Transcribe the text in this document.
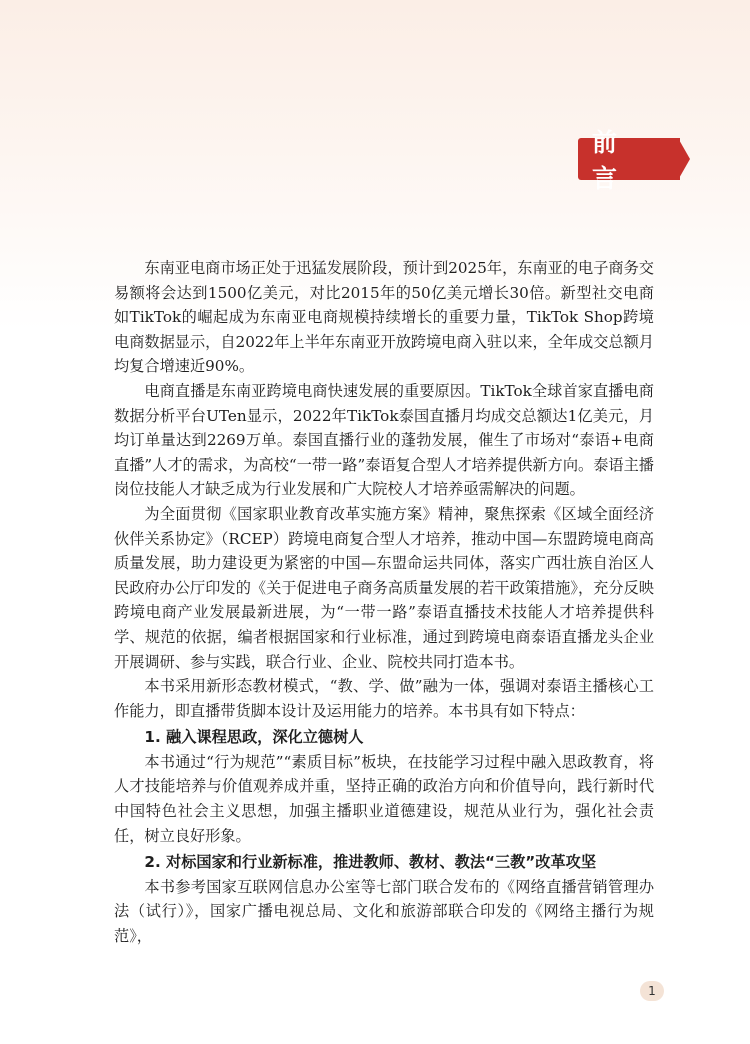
前　言

东南亚电商市场正处于迅猛发展阶段，预计到2025年，东南亚的电子商务交易额将会达到1500亿美元，对比2015年的50亿美元增长30倍。新型社交电商如TikTok的崛起成为东南亚电商规模持续增长的重要力量，TikTok Shop跨境电商数据显示，自2022年上半年东南亚开放跨境电商入驻以来，全年成交总额月均复合增速近90%。

电商直播是东南亚跨境电商快速发展的重要原因。TikTok全球首家直播电商数据分析平台UTen显示，2022年TikTok泰国直播月均成交总额达1亿美元，月均订单量达到2269万单。泰国直播行业的蓬勃发展，催生了市场对“泰语+电商直播”人才的需求，为高校“一带一路”泰语复合型人才培养提供新方向。泰语主播岗位技能人才缺乏成为行业发展和广大院校人才培养亟需解决的问题。

为全面贯彻《国家职业教育改革实施方案》精神，聚焦探索《区域全面经济伙伴关系协定》（RCEP）跨境电商复合型人才培养，推动中国—东盟跨境电商高质量发展，助力建设更为紧密的中国—东盟命运共同体，落实广西壮族自治区人民政府办公厅印发的《关于促进电子商务高质量发展的若干政策措施》，充分反映跨境电商产业发展最新进展，为“一带一路”泰语直播技术技能人才培养提供科学、规范的依据，编者根据国家和行业标准，通过到跨境电商泰语直播龙头企业开展调研、参与实践，联合行业、企业、院校共同打造本书。

本书采用新形态教材模式，“教、学、做”融为一体，强调对泰语主播核心工作能力，即直播带货脚本设计及运用能力的培养。本书具有如下特点：

1. 融入课程思政，深化立德树人

本书通过“行为规范”“素质目标”板块，在技能学习过程中融入思政教育，将人才技能培养与价值观养成并重，坚持正确的政治方向和价值导向，践行新时代中国特色社会主义思想，加强主播职业道德建设，规范从业行为，强化社会责任，树立良好形象。

2. 对标国家和行业新标准，推进教师、教材、教法“三教”改革攻坚

本书参考国家互联网信息办公室等七部门联合发布的《网络直播营销管理办法（试行）》，国家广播电视总局、文化和旅游部联合印发的《网络主播行为规范》，

1
